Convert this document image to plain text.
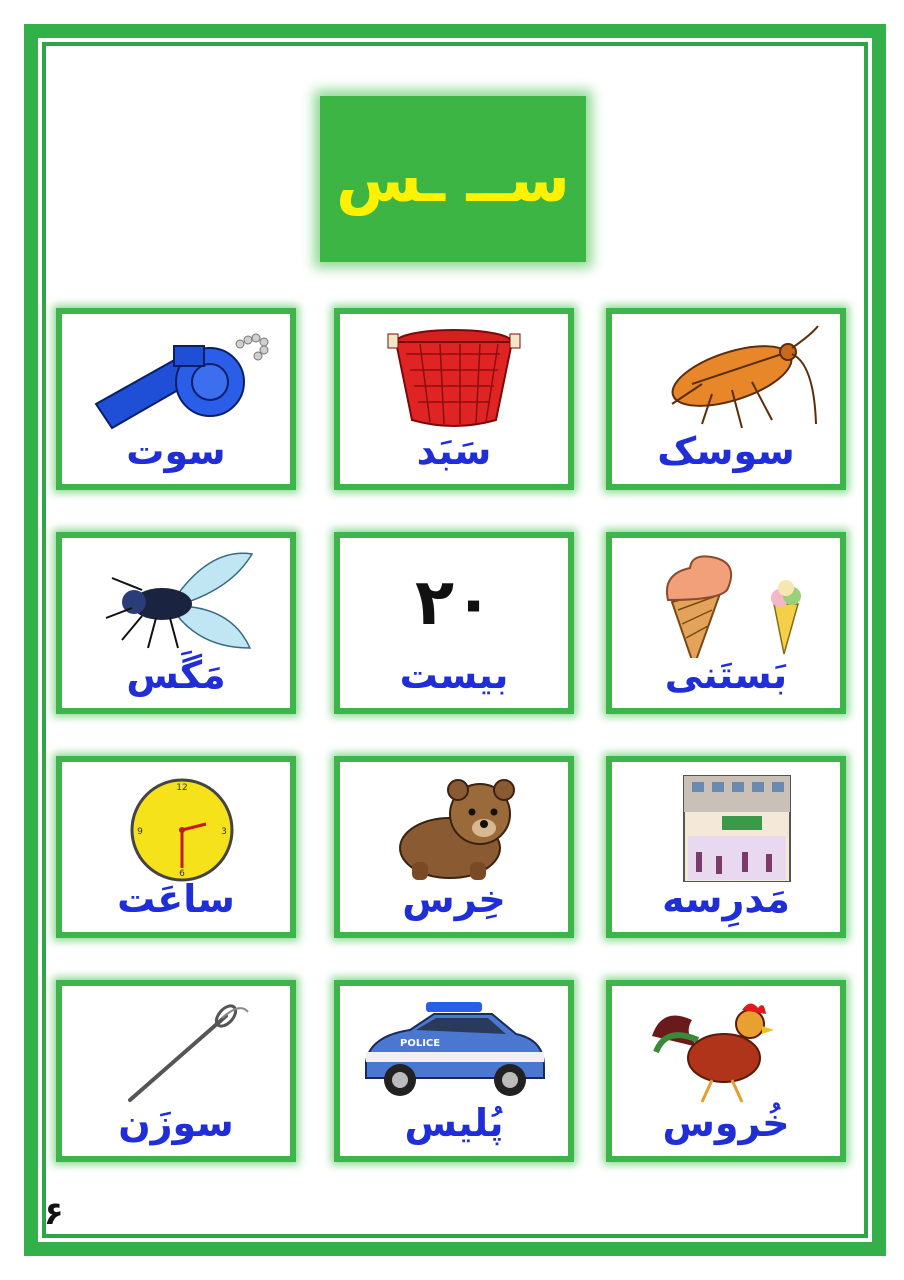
ســ ـس
سوسک
سَبَد
سوت
بَستَنی
۲۰
بیست
مَگَس
مَدرِسه
خِرس
12
6
3
9
ساعَت
خُروس
POLICE
پُلیس
سوزَن
۶
